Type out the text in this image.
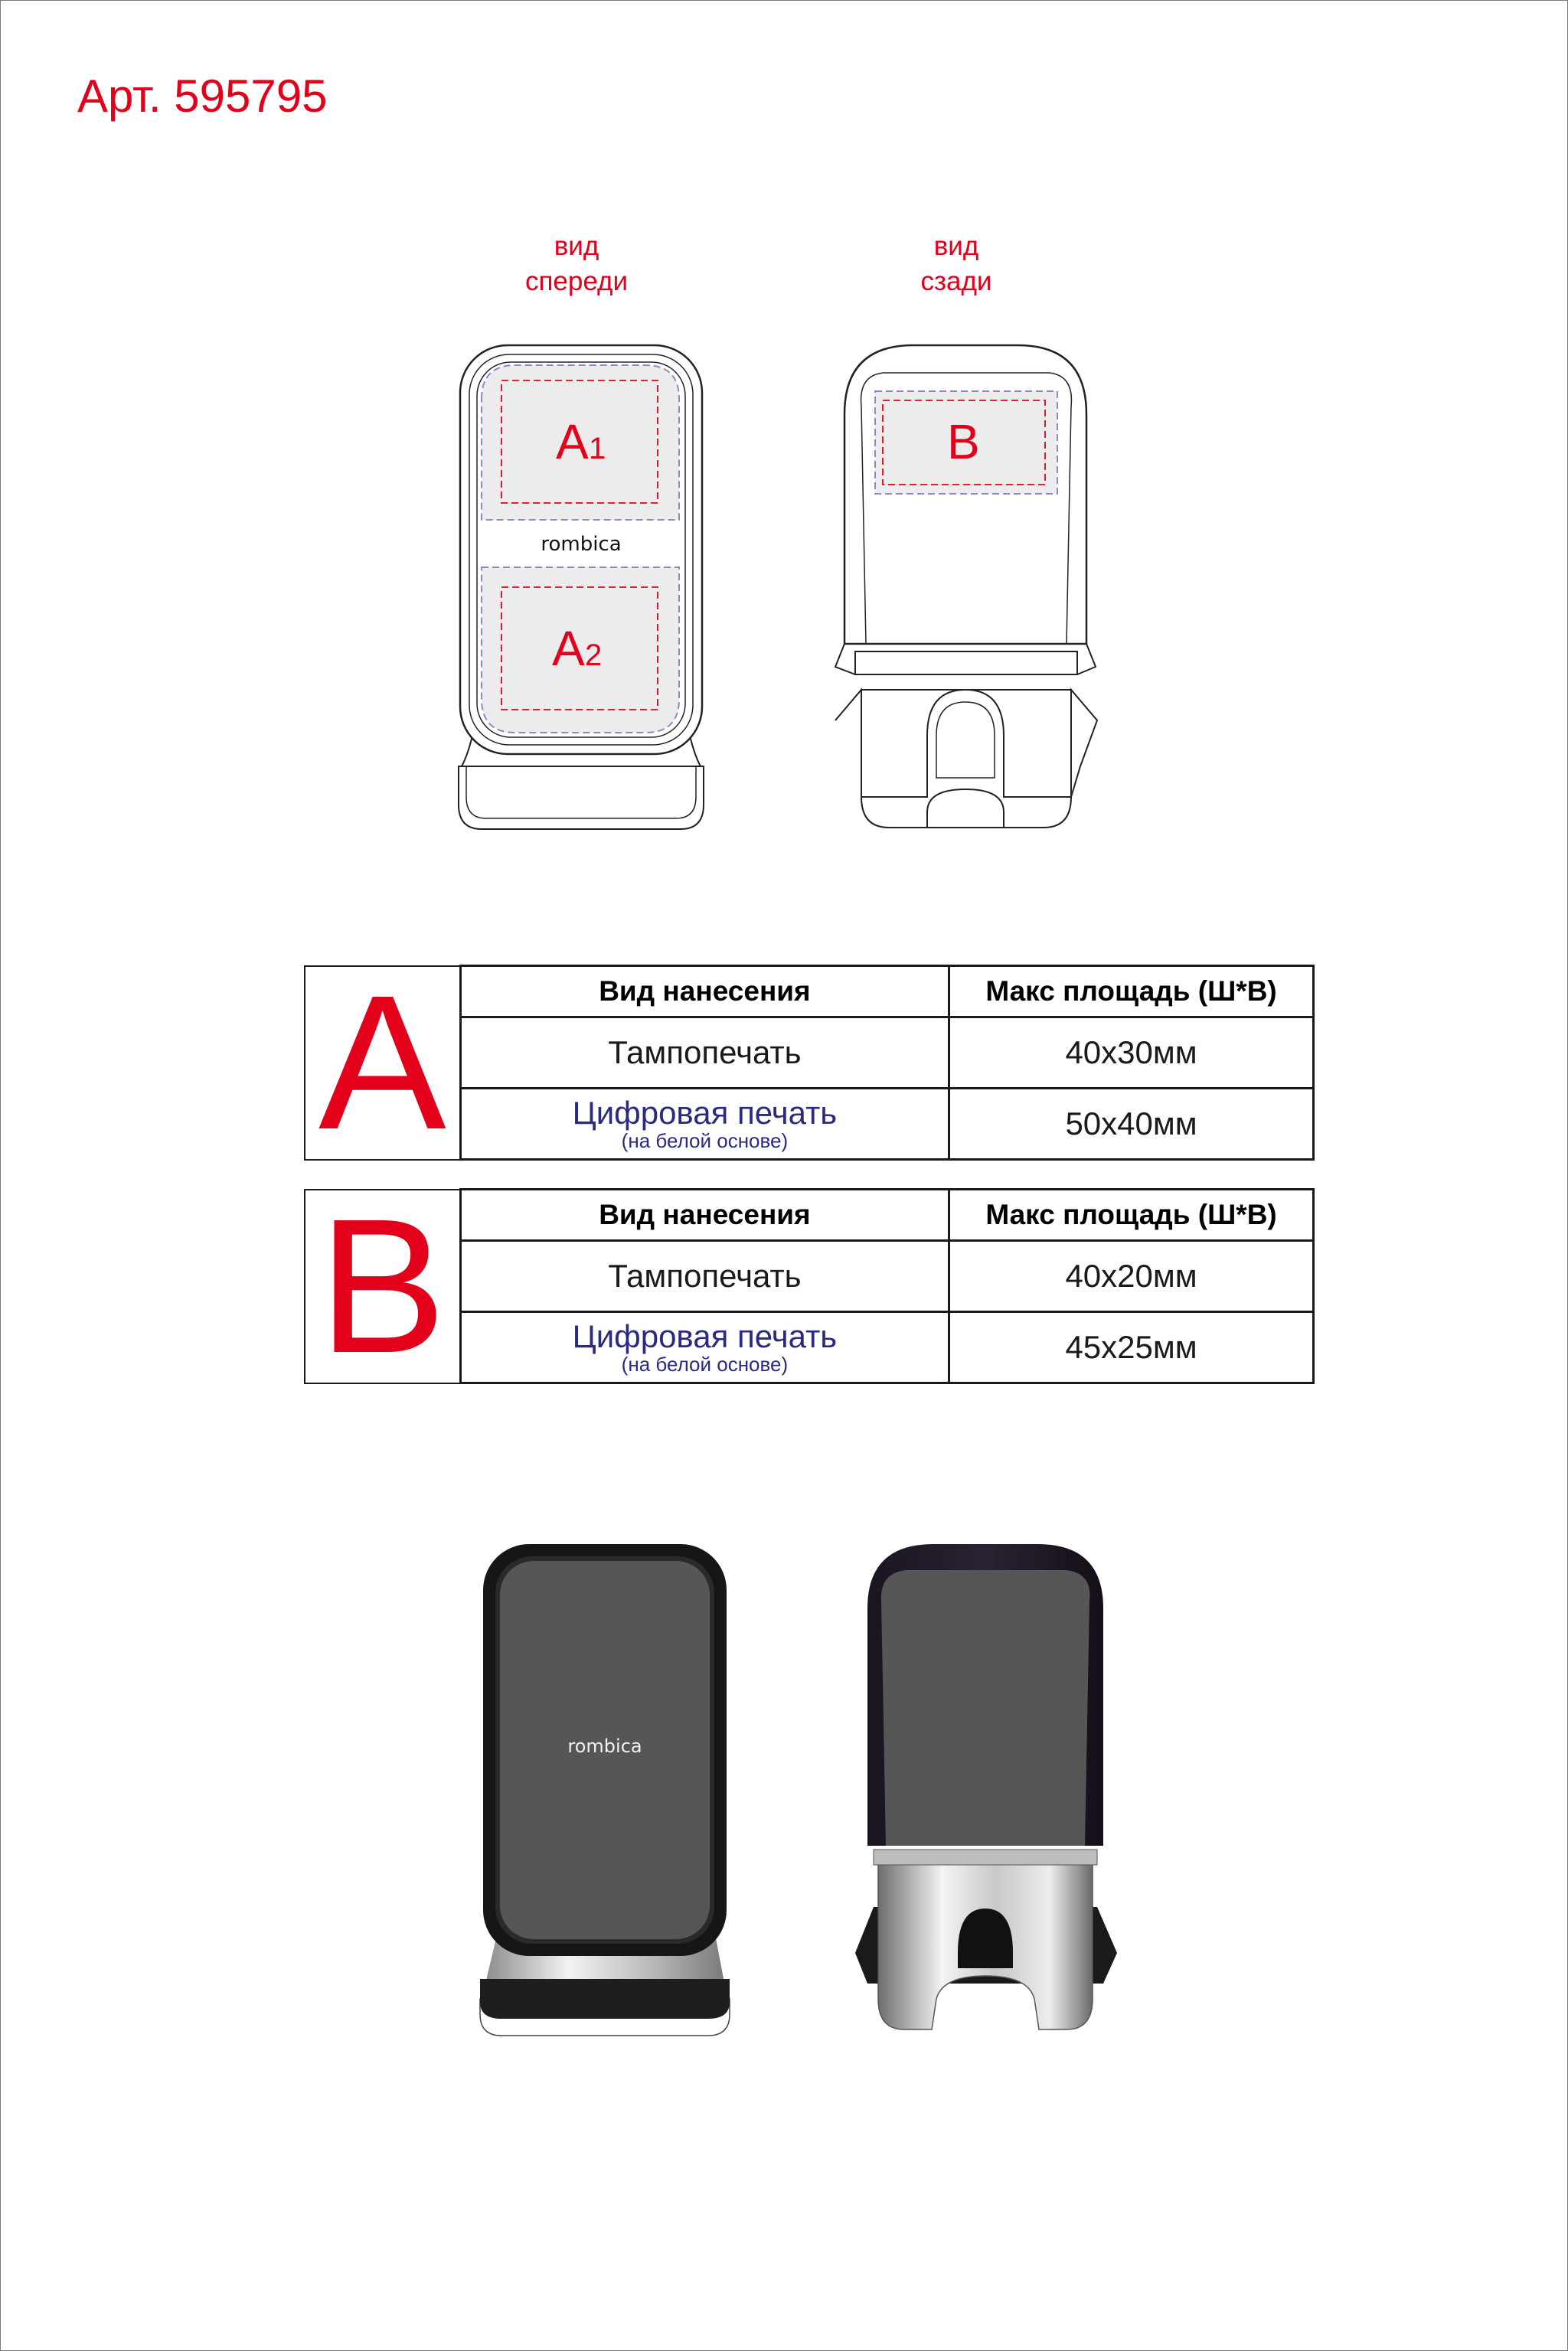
Арт. 595795
вид
спереди
вид
сзади
A 1
rombica
A 2
B
A	Вид нанесения	Макс площадь (Ш*В)
	Тампопечать	40x30мм

	Цифровая печать
(на белой основе)	50x40мм
B	Вид нанесения	Макс площадь (Ш*В)
	Тампопечать	40x20мм

	Цифровая печать
(на белой основе)	45x25мм
rombica
